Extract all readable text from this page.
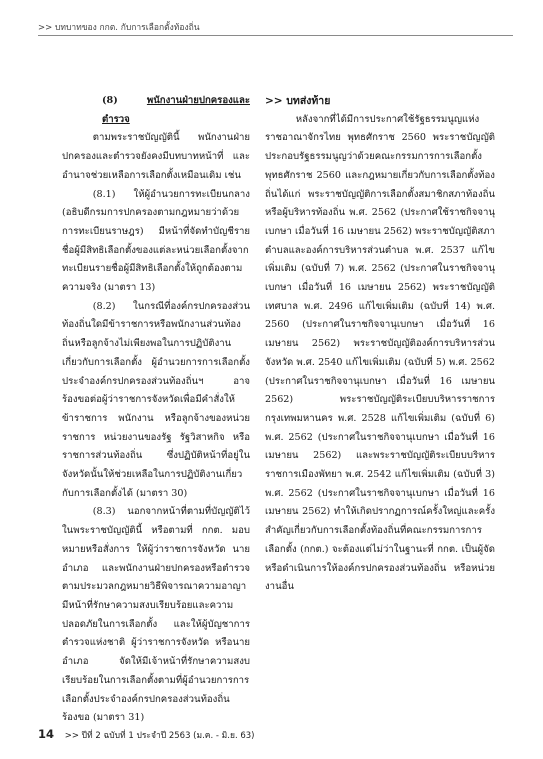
>> บทบาทของ กกต. กับการเลือกตั้งท้องถิ่น

(8)	พนักงานฝ่ายปกครองและตำรวจ

ตามพระราชบัญญัตินี้ พนักงานฝ่ายปกครองและตำรวจยังคงมีบทบาทหน้าที่ และอำนาจช่วยเหลือการเลือกตั้งเหมือนเดิม เช่น

(8.1) ให้ผู้อำนวยการทะเบียนกลาง (อธิบดีกรมการปกครองตามกฎหมายว่าด้วยการทะเบียนราษฎร) มีหน้าที่จัดทำบัญชีรายชื่อผู้มีสิทธิเลือกตั้งของแต่ละหน่วยเลือกตั้งจากทะเบียนรายชื่อผู้มีสิทธิเลือกตั้งให้ถูกต้องตามความจริง (มาตรา 13)

(8.2) ในกรณีที่องค์กรปกครองส่วนท้องถิ่นใดมีข้าราชการหรือพนักงานส่วนท้องถิ่นหรือลูกจ้างไม่เพียงพอในการปฏิบัติงานเกี่ยวกับการเลือกตั้ง ผู้อำนวยการการเลือกตั้งประจำองค์กรปกครองส่วนท้องถิ่นฯ อาจร้องขอต่อผู้ว่าราชการจังหวัดเพื่อมีคำสั่งให้ ข้าราชการ พนักงาน หรือลูกจ้างของหน่วยราชการ หน่วยงานของรัฐ รัฐวิสาหกิจ หรือราชการส่วนท้องถิ่น ซึ่งปฏิบัติหน้าที่อยู่ในจังหวัดนั้นให้ช่วยเหลือในการปฏิบัติงานเกี่ยวกับการเลือกตั้งได้ (มาตรา 30)

(8.3) นอกจากหน้าที่ตามที่บัญญัติไว้ในพระราชบัญญัตินี้ หรือตามที่ กกต. มอบหมายหรือสั่งการ ให้ผู้ว่าราชการจังหวัด นายอำเภอ และพนักงานฝ่ายปกครองหรือตำรวจตามประมวลกฎหมายวิธีพิจารณาความอาญา มีหน้าที่รักษาความสงบเรียบร้อยและความปลอดภัยในการเลือกตั้ง และให้ผู้บัญชาการตำรวจแห่งชาติ ผู้ว่าราชการจังหวัด หรือนายอำเภอ จัดให้มีเจ้าหน้าที่รักษาความสงบเรียบร้อยในการเลือกตั้งตามที่ผู้อำนวยการการเลือกตั้งประจำองค์กรปกครองส่วนท้องถิ่นร้องขอ (มาตรา 31)

>> บทส่งท้าย

หลังจากที่ได้มีการประกาศใช้รัฐธรรมนูญแห่งราชอาณาจักรไทย พุทธศักราช 2560 พระราชบัญญัติประกอบรัฐธรรมนูญว่าด้วยคณะกรรมการการเลือกตั้ง พุทธศักราช 2560 และกฎหมายเกี่ยวกับการเลือกตั้งท้องถิ่นได้แก่ พระราชบัญญัติการเลือกตั้งสมาชิกสภาท้องถิ่นหรือผู้บริหารท้องถิ่น พ.ศ. 2562 (ประกาศใช้ราชกิจจานุเบกษา เมื่อวันที่ 16 เมษายน 2562) พระราชบัญญัติสภาตำบลและองค์การบริหารส่วนตำบล พ.ศ. 2537 แก้ไขเพิ่มเติม (ฉบับที่ 7) พ.ศ. 2562 (ประกาศในราชกิจจานุเบกษา เมื่อวันที่ 16 เมษายน 2562) พระราชบัญญัติเทศบาล พ.ศ. 2496 แก้ไขเพิ่มเติม (ฉบับที่ 14) พ.ศ. 2560 (ประกาศในราชกิจจานุเบกษา เมื่อวันที่ 16 เมษายน 2562) พระราชบัญญัติองค์การบริหารส่วนจังหวัด พ.ศ. 2540 แก้ไขเพิ่มเติม (ฉบับที่ 5) พ.ศ. 2562 (ประกาศในราชกิจจานุเบกษา เมื่อวันที่ 16 เมษายน 2562) พระราชบัญญัติระเบียบบริหารราชการกรุงเทพมหานคร พ.ศ. 2528 แก้ไขเพิ่มเติม (ฉบับที่ 6) พ.ศ. 2562 (ประกาศในราชกิจจานุเบกษา เมื่อวันที่ 16 เมษายน 2562) และพระราชบัญญัติระเบียบบริหารราชการเมืองพัทยา พ.ศ. 2542 แก้ไขเพิ่มเติม (ฉบับที่ 3) พ.ศ. 2562 (ประกาศในราชกิจจานุเบกษา เมื่อวันที่ 16 เมษายน 2562) ทำให้เกิดปรากฏการณ์ครั้งใหญ่และครั้งสำคัญเกี่ยวกับการเลือกตั้งท้องถิ่นที่คณะกรรมการการเลือกตั้ง (กกต.) จะต้องแต่ไม่ว่าในฐานะที่ กกต. เป็นผู้จัดหรือดำเนินการให้องค์กรปกครองส่วนท้องถิ่น หรือหน่วยงานอื่น

14 >> ปีที่ 2 ฉบับที่ 1 ประจำปี 2563 (ม.ค. - มิ.ย. 63)
